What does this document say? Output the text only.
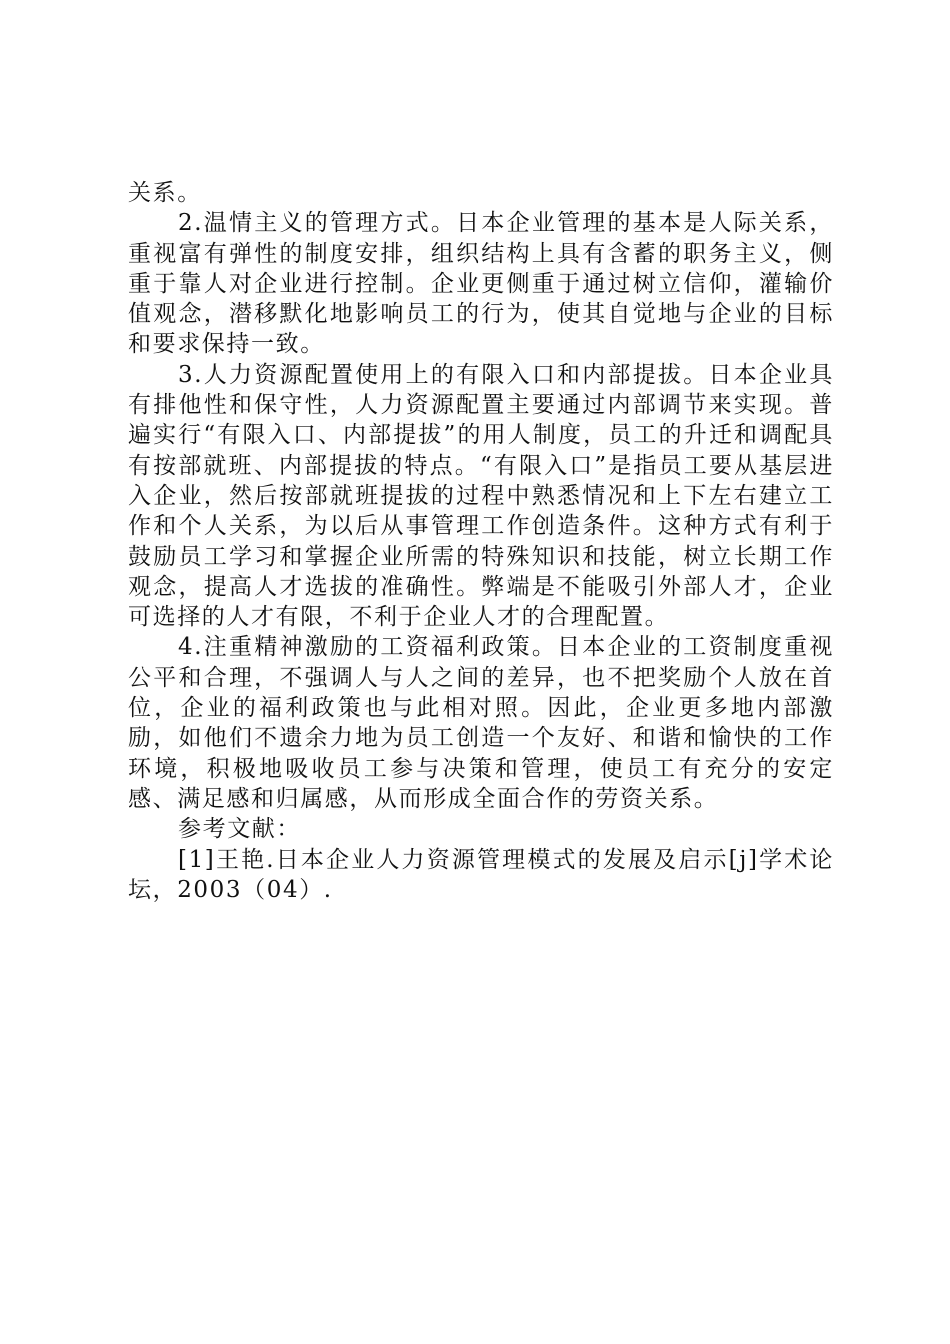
关系。

2.温情主义的管理方式。日本企业管理的基本是人际关系，重视富有弹性的制度安排，组织结构上具有含蓄的职务主义，侧重于靠人对企业进行控制。企业更侧重于通过树立信仰，灌输价值观念，潜移默化地影响员工的行为，使其自觉地与企业的目标和要求保持一致。

3.人力资源配置使用上的有限入口和内部提拔。日本企业具有排他性和保守性，人力资源配置主要通过内部调节来实现。普遍实行“有限入口、内部提拔”的用人制度，员工的升迁和调配具有按部就班、内部提拔的特点。“有限入口”是指员工要从基层进入企业，然后按部就班提拔的过程中熟悉情况和上下左右建立工作和个人关系，为以后从事管理工作创造条件。这种方式有利于鼓励员工学习和掌握企业所需的特殊知识和技能，树立长期工作观念，提高人才选拔的准确性。弊端是不能吸引外部人才，企业可选择的人才有限，不利于企业人才的合理配置。

4.注重精神激励的工资福利政策。日本企业的工资制度重视公平和合理，不强调人与人之间的差异，也不把奖励个人放在首位，企业的福利政策也与此相对照。因此，企业更多地内部激励，如他们不遗余力地为员工创造一个友好、和谐和愉快的工作环境，积极地吸收员工参与决策和管理，使员工有充分的安定感、满足感和归属感，从而形成全面合作的劳资关系。

参考文献：

[1]王艳.日本企业人力资源管理模式的发展及启示[j]学术论坛，2003（04）.
